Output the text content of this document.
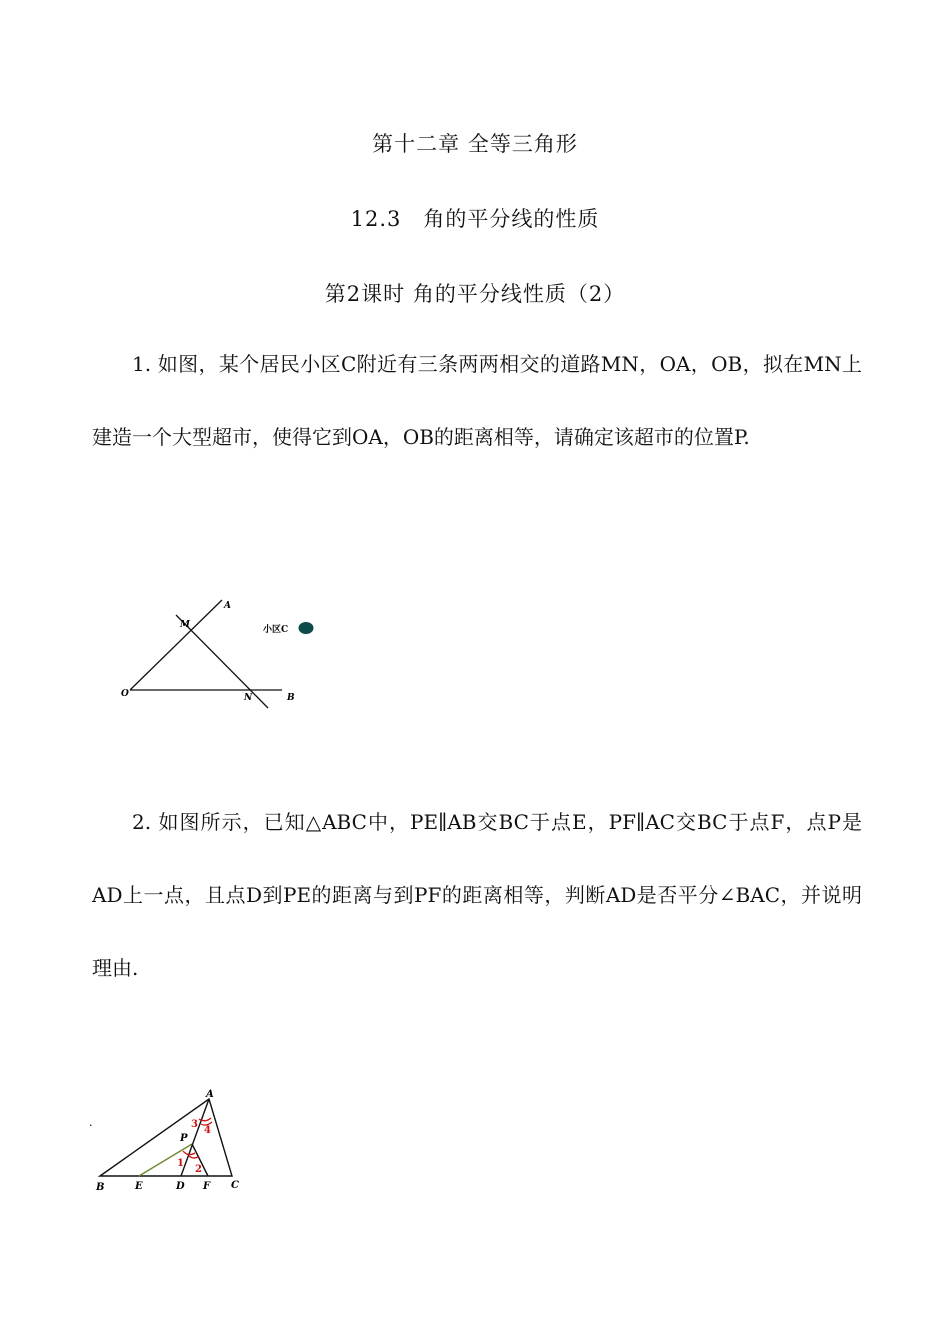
第十二章 全等三角形
12.3　角的平分线的性质
第2课时 角的平分线性质（2）
1. 如图，某个居民小区C附近有三条两两相交的道路MN，OA，OB，拟在MN上建造一个大型超市，使得它到OA，OB的距离相等，请确定该超市的位置P.
A
M
O	N	B
小区C
2. 如图所示，已知△ABC中，PE∥AB交BC于点E，PF∥AC交BC于点F，点P是AD上一点，且点D到PE的距离与到PF的距离相等，判断AD是否平分∠BAC，并说明理由.
A
P
B	E	D F C
3
4
1
2
.
